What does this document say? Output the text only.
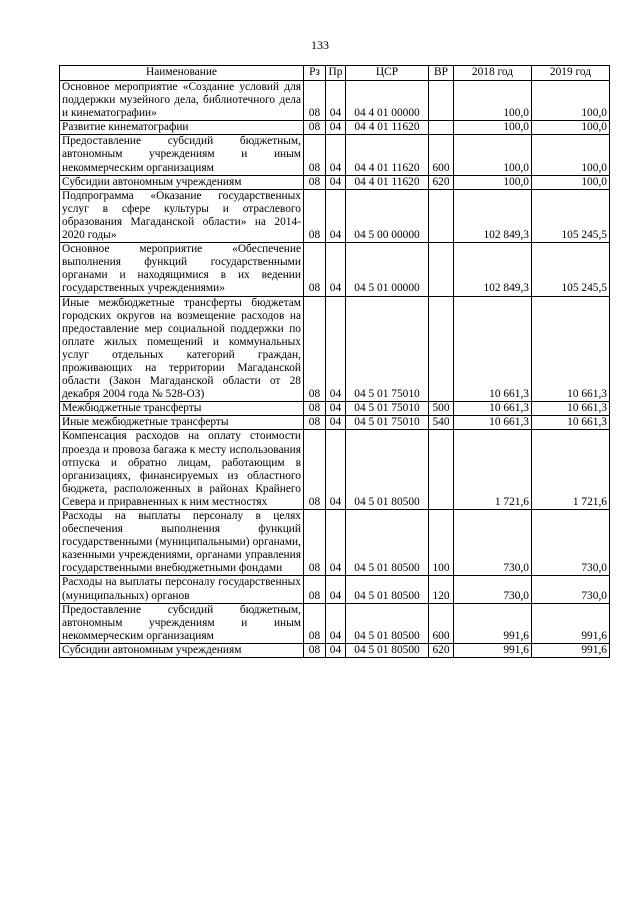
133
Наименование	Рз	Пр	ЦСР	ВР	2018 год	2019 год
Основное мероприятие «Создание условий для поддержки музейного дела, библиотечного дела и кинематографии»	08	04	04 4 01 00000		100,0	100,0
Развитие кинематографии	08	04	04 4 01 11620		100,0	100,0
Предоставление субсидий бюджетным, автономным учреждениям и иным некоммерческим организациям	08	04	04 4 01 11620	600	100,0	100,0
Субсидии автономным учреждениям	08	04	04 4 01 11620	620	100,0	100,0
Подпрограмма «Оказание государственных услуг в сфере культуры и отраслевого образования Магаданской области» на 2014-2020 годы»	08	04	04 5 00 00000		102 849,3	105 245,5
Основное мероприятие «Обеспечение выполнения функций государственными органами и находящимися в их ведении государственных учреждениями»	08	04	04 5 01 00000		102 849,3	105 245,5
Иные межбюджетные трансферты бюджетам городских округов на возмещение расходов на предоставление мер социальной поддержки по оплате жилых помещений и коммунальных услуг отдельных категорий граждан, проживающих на территории Магаданской области (Закон Магаданской области от 28 декабря 2004 года № 528-ОЗ)	08	04	04 5 01 75010		10 661,3	10 661,3
Межбюджетные трансферты	08	04	04 5 01 75010	500	10 661,3	10 661,3
Иные межбюджетные трансферты	08	04	04 5 01 75010	540	10 661,3	10 661,3
Компенсация расходов на оплату стоимости проезда и провоза багажа к месту использования отпуска и обратно лицам, работающим в организациях, финансируемых из областного бюджета, расположенных в районах Крайнего Севера и приравненных к ним местностях	08	04	04 5 01 80500		1 721,6	1 721,6
Расходы на выплаты персоналу в целях обеспечения выполнения функций государственными (муниципальными) органами, казенными учреждениями, органами управления государственными внебюджетными фондами	08	04	04 5 01 80500	100	730,0	730,0
Расходы на выплаты персоналу государственных (муниципальных) органов	08	04	04 5 01 80500	120	730,0	730,0
Предоставление субсидий бюджетным, автономным учреждениям и иным некоммерческим организациям	08	04	04 5 01 80500	600	991,6	991,6
Субсидии автономным учреждениям	08	04	04 5 01 80500	620	991,6	991,6
